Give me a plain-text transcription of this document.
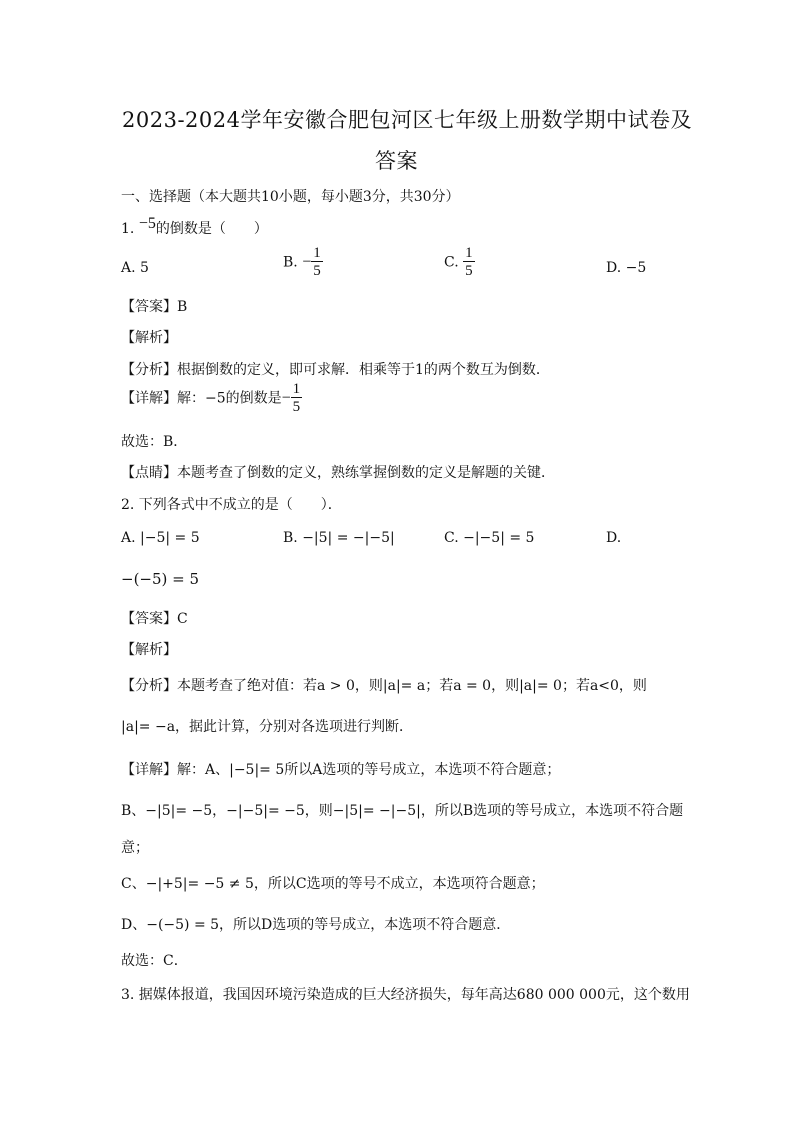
2023-2024学年安徽合肥包河区七年级上册数学期中试卷及
答案
一、选择题（本大题共10小题，每小题3分，共30分）
1. −5的倒数是（　　）
A. 5	B. − $\frac{1}{5}$	C. $\frac{1}{5}$	D. −5
【答案】B
【解析】
【分析】根据倒数的定义，即可求解．相乘等于1的两个数互为倒数．
【详解】解：−5的倒数是− $\frac{1}{5}$
故选：B．
【点睛】本题考查了倒数的定义，熟练掌握倒数的定义是解题的关键．
2. 下列各式中不成立的是（　　）．
A. |−5| = 5	B. −|5| = −|−5|	C. −|−5| = 5	D.
−(−5) = 5
【答案】C
【解析】
【分析】本题考查了绝对值：若a > 0，则|a|= a；若a = 0，则|a|= 0；若a<0，则
|a|= −a，据此计算，分别对各选项进行判断．
【详解】解：A、|−5|= 5所以A选项的等号成立，本选项不符合题意；
B、−|5|= −5，−|−5|= −5，则−|5|= −|−5|，所以B选项的等号成立，本选项不符合题
意；
C、−|+5|= −5 ≠ 5，所以C选项的等号不成立，本选项符合题意；
D、−(−5) = 5，所以D选项的等号成立，本选项不符合题意．
故选：C．
3. 据媒体报道，我国因环境污染造成的巨大经济损失，每年高达680 000 000元，这个数用
